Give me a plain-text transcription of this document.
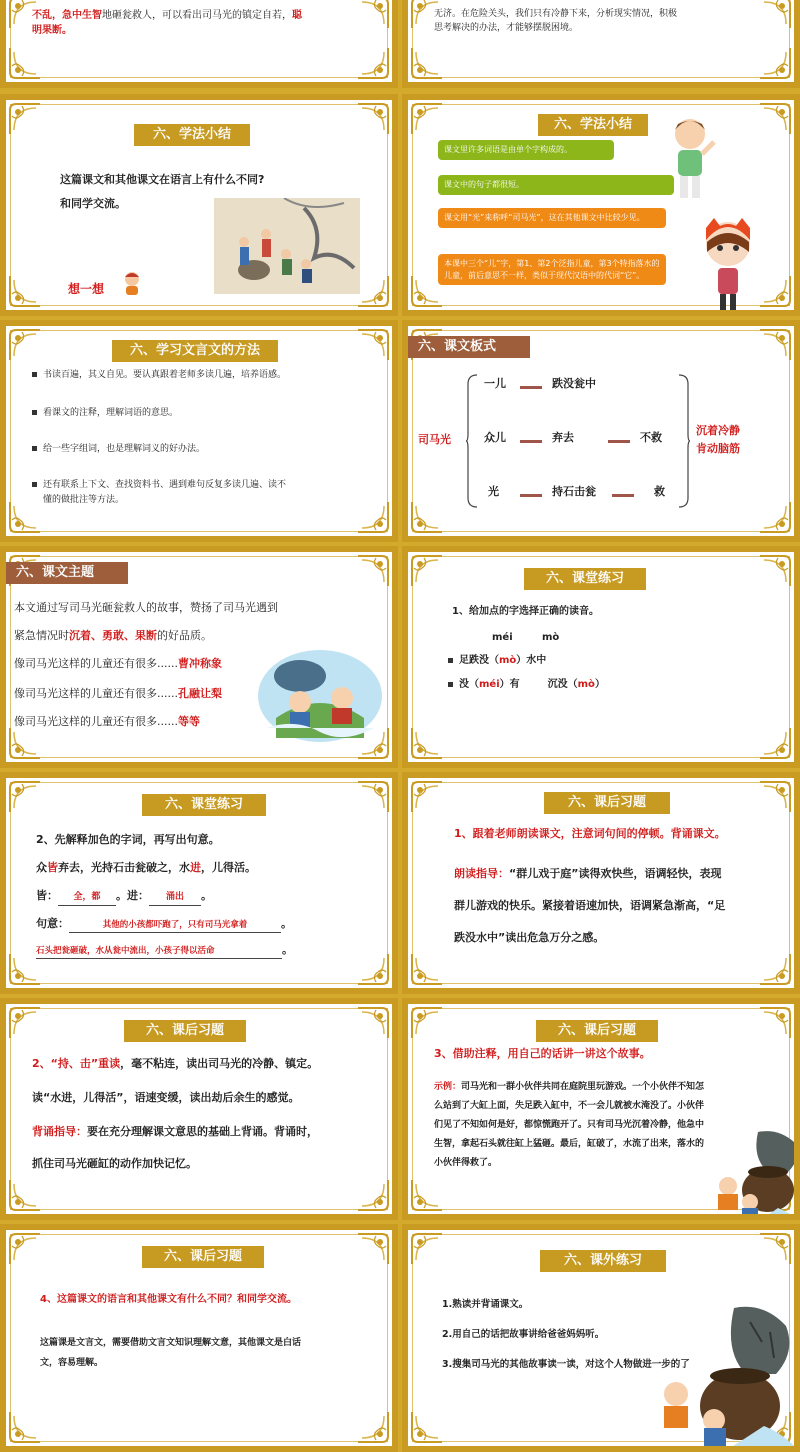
不乱，急中生智地砸瓮救人，可以看出司马光的镇定自若，聪
明果断。
无济。在危险关头，我们只有冷静下来，分析现实情况，积极
思考解决的办法，才能够摆脱困境。
六、学法小结
这篇课文和其他课文在语言上有什么不同?
和同学交流。
想一想
六、学法小结
课文里许多词语是由单个字构成的。
课文中的句子都很短。
课文用“光”来称呼“司马光”，这在其他课文中比较少见。
本课中三个“儿”字，第1、第2个泛指儿童，第3个特指落水的儿童，前后意思不一样，类似于现代汉语中的代词“它”。
六、学习文言文的方法
书读百遍，其义自见。要认真跟着老师多读几遍，培养语感。
看课文的注释，理解词语的意思。
给一些字组词，也是理解词义的好办法。
还有联系上下文、查找资料书、遇到难句反复多读几遍、读不
懂的做批注等方法。
六、课文板式
司马光
一儿	跌没瓮中
众儿	弃去	不救
光	持石击瓮	救
沉着冷静
肯动脑筋
六、课文主题
本文通过写司马光砸瓮救人的故事，赞扬了司马光遇到
紧急情况时沉着、勇敢、果断的好品质。
像司马光这样的儿童还有很多......曹冲称象
像司马光这样的儿童还有很多......孔融让梨
像司马光这样的儿童还有很多......等等
六、课堂练习
1、给加点的字选择正确的读音。
méi	mò
足跌没（mò）水中
没（méi）有	沉没（mò）
六、课堂练习
2、先解释加色的字词，再写出句意。
众皆弃去，光持石击瓮破之，水进，儿得活。
皆： 全，都 。进： 涌出 。
句意：	其他的小孩都吓跑了，只有司马光拿着	。
石头把瓮砸破，水从瓮中流出，小孩子得以活命	。
六、课后习题
1、跟着老师朗读课文，注意词句间的停顿。背诵课文。
朗读指导：“群儿戏于庭”读得欢快些，语调轻快，表现
群儿游戏的快乐。紧接着语速加快，语调紧急渐高，“足
跌没水中”读出危急万分之感。
六、课后习题
2、“持、击”重读，毫不粘连，读出司马光的冷静、镇定。
读“水进，儿得活”，语速变缓，读出劫后余生的感觉。
背诵指导：要在充分理解课文意思的基础上背诵。背诵时，
抓住司马光砸缸的动作加快记忆。
六、课后习题
3、借助注释，用自己的话讲一讲这个故事。
示例：司马光和一群小伙伴共同在庭院里玩游戏。一个小伙伴不知怎
么站到了大缸上面，失足跌入缸中，不一会儿就被水淹没了。小伙伴
们见了不知如何是好，都惊慌跑开了。只有司马光沉着冷静，他急中
生智，拿起石头就往缸上猛砸。最后，缸破了，水流了出来，落水的
小伙伴得救了。
六、课后习题
4、这篇课文的语言和其他课文有什么不同？和同学交流。
这篇课是文言文，需要借助文言文知识理解文意，其他课文是白话
文，容易理解。
六、课外练习
1.熟读并背诵课文。
2.用自己的话把故事讲给爸爸妈妈听。
3.搜集司马光的其他故事读一读，对这个人物做进一步的了
